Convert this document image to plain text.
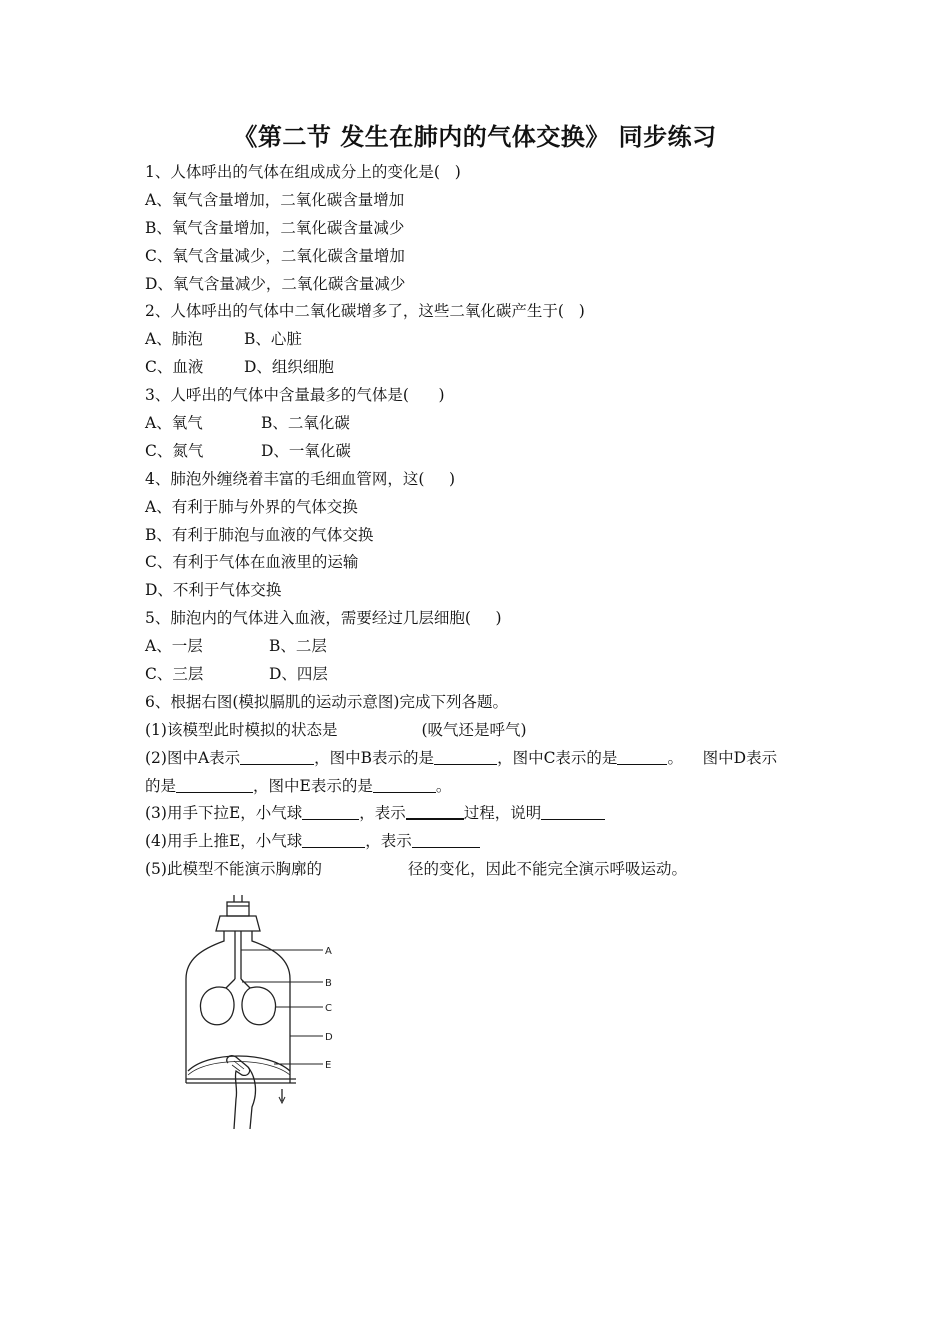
《第二节 发生在肺内的气体交换》 同步练习
1、人体呼出的气体在组成成分上的变化是(   )
A、氧气含量增加，二氧化碳含量增加
B、氧气含量增加，二氧化碳含量减少
C、氧气含量减少，二氧化碳含量增加
D、氧气含量减少，二氧化碳含量减少
2、人体呼出的气体中二氧化碳增多了，这些二氧化碳产生于(   )
A、肺泡	B、心脏
C、血液	D、组织细胞
3、人呼出的气体中含量最多的气体是(      )
A、氧气	B、二氧化碳
C、氮气	D、一氧化碳
4、肺泡外缠绕着丰富的毛细血管网，这(     )
A、有利于肺与外界的气体交换
B、有利于肺泡与血液的气体交换
C、有利于气体在血液里的运输
D、不利于气体交换
5、肺泡内的气体进入血液，需要经过几层细胞(     )
A、一层	B、二层
C、三层	D、四层
6、根据右图(模拟膈肌的运动示意图)完成下列各题。
(1)该模型此时模拟的状态是	(吸气还是呼气)
(2)图中A表示	，图中B表示的是	，图中C表示的是	。    图中D表示
的是	，图中E表示的是	。
(3)用手下拉E，小气球	，表示	过程，说明
(4)用手上推E，小气球	，表示
(5)此模型不能演示胸廓的	径的变化，因此不能完全演示呼吸运动。
A
B
C
D
E
